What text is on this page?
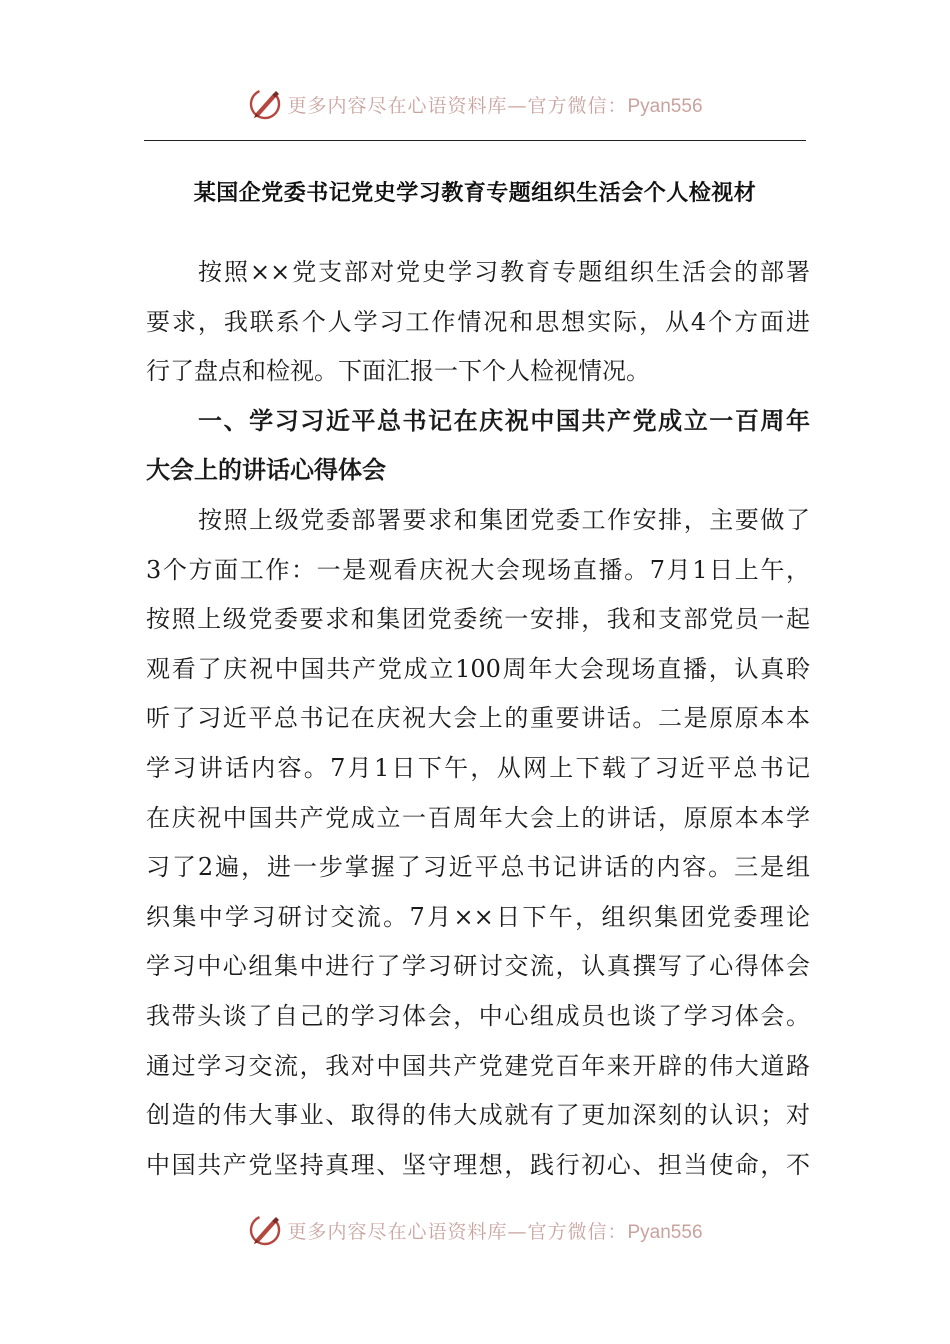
更多内容尽在心语资料库—官方微信：Pyan556
某国企党委书记党史学习教育专题组织生活会个人检视材
按照××党支部对党史学习教育专题组织生活会的部署
要求，我联系个人学习工作情况和思想实际，从4个方面进
行了盘点和检视。下面汇报一下个人检视情况。
一、学习习近平总书记在庆祝中国共产党成立一百周年
大会上的讲话心得体会
按照上级党委部署要求和集团党委工作安排，主要做了
3个方面工作：一是观看庆祝大会现场直播。7月1日上午，
按照上级党委要求和集团党委统一安排，我和支部党员一起
观看了庆祝中国共产党成立100周年大会现场直播，认真聆
听了习近平总书记在庆祝大会上的重要讲话。二是原原本本
学习讲话内容。7月1日下午，从网上下载了习近平总书记
在庆祝中国共产党成立一百周年大会上的讲话，原原本本学
习了2遍，进一步掌握了习近平总书记讲话的内容。三是组
织集中学习研讨交流。7月××日下午，组织集团党委理论
学习中心组集中进行了学习研讨交流，认真撰写了心得体会
我带头谈了自己的学习体会，中心组成员也谈了学习体会。
通过学习交流，我对中国共产党建党百年来开辟的伟大道路
创造的伟大事业、取得的伟大成就有了更加深刻的认识；对
中国共产党坚持真理、坚守理想，践行初心、担当使命，不
更多内容尽在心语资料库—官方微信：Pyan556
